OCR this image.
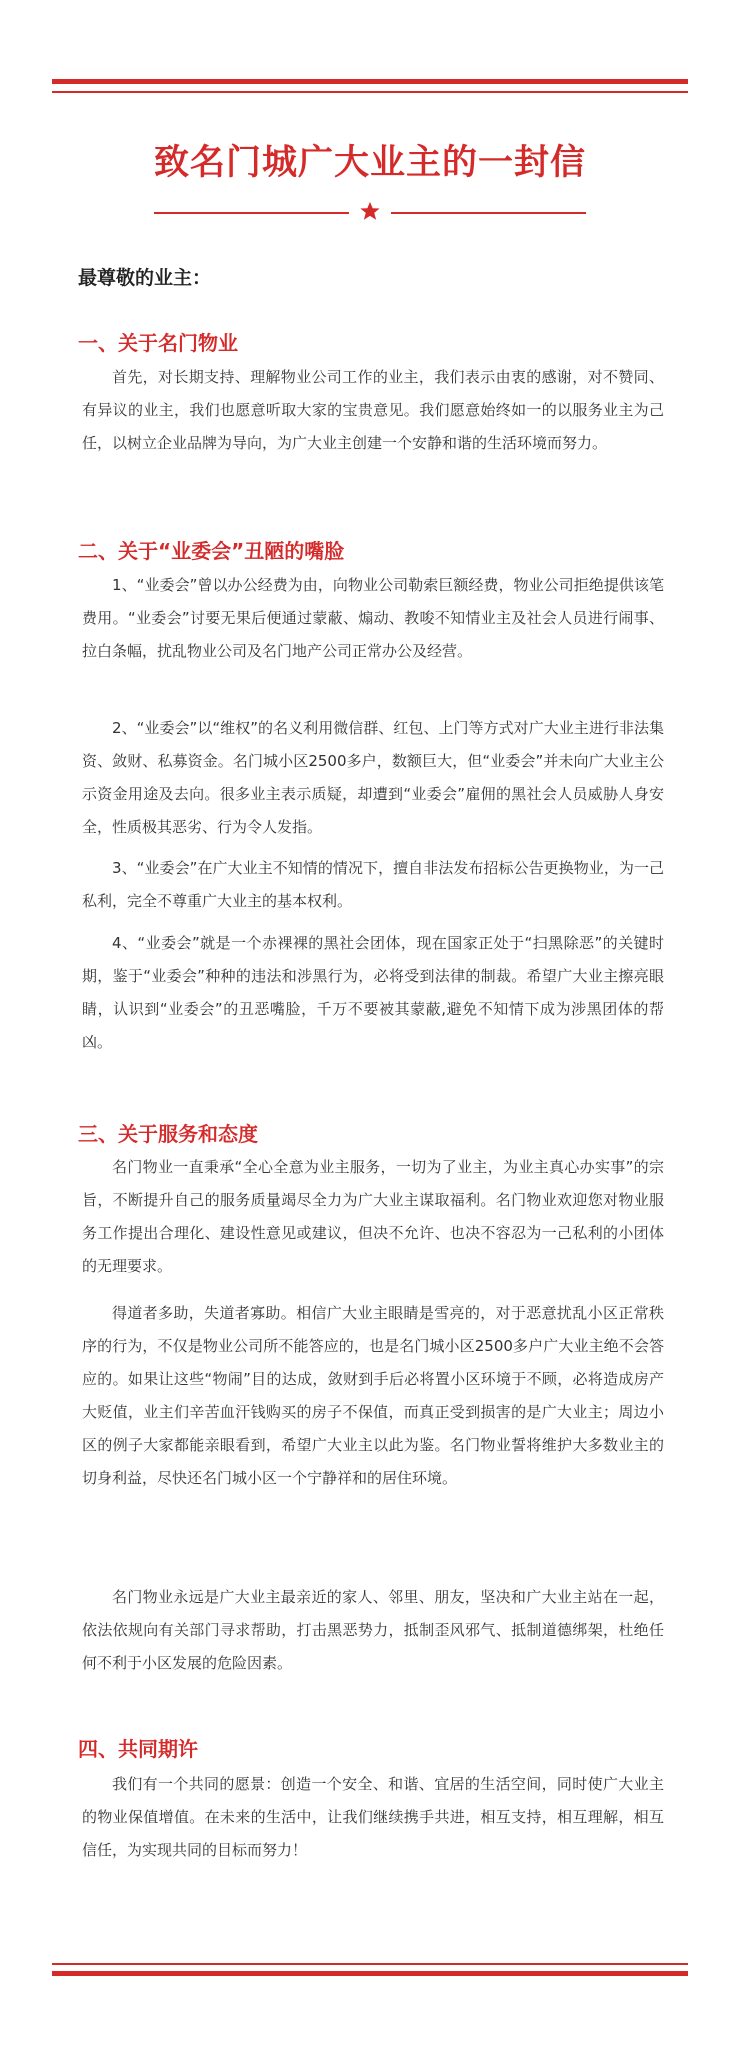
致名门城广大业主的一封信

最尊敬的业主：

一、关于名门物业

首先，对长期支持、理解物业公司工作的业主，我们表示由衷的感谢，对不赞同、有异议的业主，我们也愿意听取大家的宝贵意见。我们愿意始终如一的以服务业主为己任，以树立企业品牌为导向，为广大业主创建一个安静和谐的生活环境而努力。

二、关于“业委会”丑陋的嘴脸

1、“业委会”曾以办公经费为由，向物业公司勒索巨额经费，物业公司拒绝提供该笔费用。“业委会”讨要无果后便通过蒙蔽、煽动、教唆不知情业主及社会人员进行闹事、拉白条幅，扰乱物业公司及名门地产公司正常办公及经营。

2、“业委会”以“维权”的名义利用微信群、红包、上门等方式对广大业主进行非法集资、敛财、私募资金。名门城小区2500多户，数额巨大，但“业委会”并未向广大业主公示资金用途及去向。很多业主表示质疑，却遭到“业委会”雇佣的黑社会人员威胁人身安全，性质极其恶劣、行为令人发指。

3、“业委会”在广大业主不知情的情况下，擅自非法发布招标公告更换物业，为一己私利，完全不尊重广大业主的基本权利。

4、“业委会”就是一个赤裸裸的黑社会团体，现在国家正处于“扫黑除恶”的关键时期，鉴于“业委会”种种的违法和涉黑行为，必将受到法律的制裁。希望广大业主擦亮眼睛，认识到“业委会”的丑恶嘴脸，千万不要被其蒙蔽,避免不知情下成为涉黑团体的帮凶。

三、关于服务和态度

名门物业一直秉承“全心全意为业主服务，一切为了业主，为业主真心办实事”的宗旨，不断提升自己的服务质量竭尽全力为广大业主谋取福利。名门物业欢迎您对物业服务工作提出合理化、建设性意见或建议，但决不允许、也决不容忍为一己私利的小团体的无理要求。

得道者多助，失道者寡助。相信广大业主眼睛是雪亮的，对于恶意扰乱小区正常秩序的行为，不仅是物业公司所不能答应的，也是名门城小区2500多户广大业主绝不会答应的。如果让这些“物闹”目的达成，敛财到手后必将置小区环境于不顾，必将造成房产大贬值，业主们辛苦血汗钱购买的房子不保值，而真正受到损害的是广大业主；周边小区的例子大家都能亲眼看到，希望广大业主以此为鉴。名门物业誓将维护大多数业主的切身利益，尽快还名门城小区一个宁静祥和的居住环境。

名门物业永远是广大业主最亲近的家人、邻里、朋友，坚决和广大业主站在一起，依法依规向有关部门寻求帮助，打击黑恶势力，抵制歪风邪气、抵制道德绑架，杜绝任何不利于小区发展的危险因素。

四、共同期许

我们有一个共同的愿景：创造一个安全、和谐、宜居的生活空间，同时使广大业主的物业保值增值。在未来的生活中，让我们继续携手共进，相互支持，相互理解，相互信任，为实现共同的目标而努力！
